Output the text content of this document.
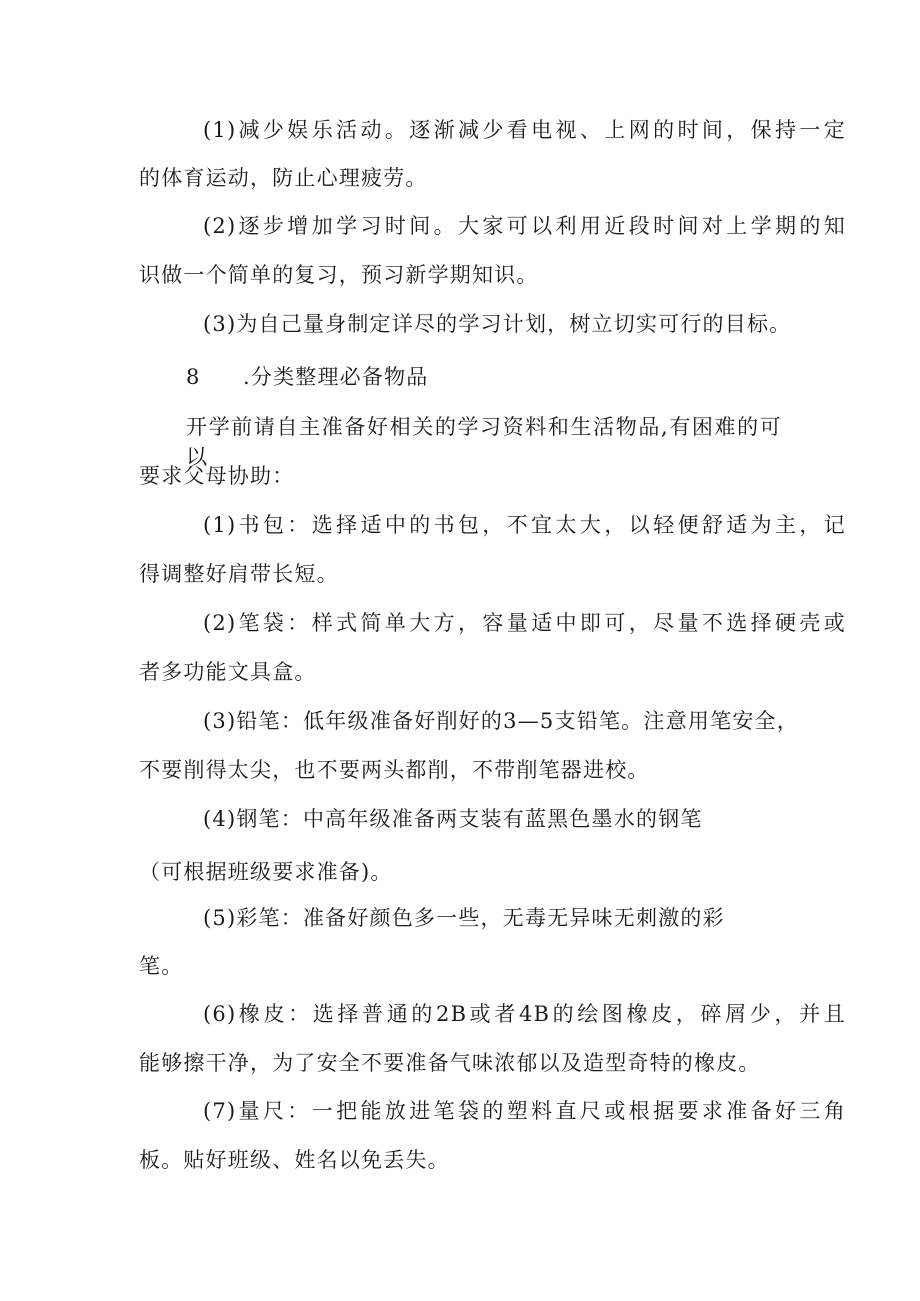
(1)减少娱乐活动。逐渐减少看电视、上网的时间，保持一定
的体育运动，防止心理疲劳。
(2)逐步增加学习时间。大家可以利用近段时间对上学期的知
识做一个简单的复习，预习新学期知识。
(3)为自己量身制定详尽的学习计划，树立切实可行的目标。
8 .分类整理必备物品
开学前请自主准备好相关的学习资料和生活物品,有困难的可以
要求父母协助：
(1)书包：选择适中的书包，不宜太大，以轻便舒适为主，记
得调整好肩带长短。
(2)笔袋：样式简单大方，容量适中即可，尽量不选择硬壳或
者多功能文具盒。
(3)铅笔：低年级准备好削好的3—5支铅笔。注意用笔安全，
不要削得太尖，也不要两头都削，不带削笔器进校。
(4)钢笔：中高年级准备两支装有蓝黑色墨水的钢笔
（可根据班级要求准备)。
(5)彩笔：准备好颜色多一些，无毒无异味无刺激的彩
笔。
(6)橡皮：选择普通的2B或者4B的绘图橡皮，碎屑少，并且
能够擦干净，为了安全不要准备气味浓郁以及造型奇特的橡皮。
(7)量尺：一把能放进笔袋的塑料直尺或根据要求准备好三角
板。贴好班级、姓名以免丢失。
